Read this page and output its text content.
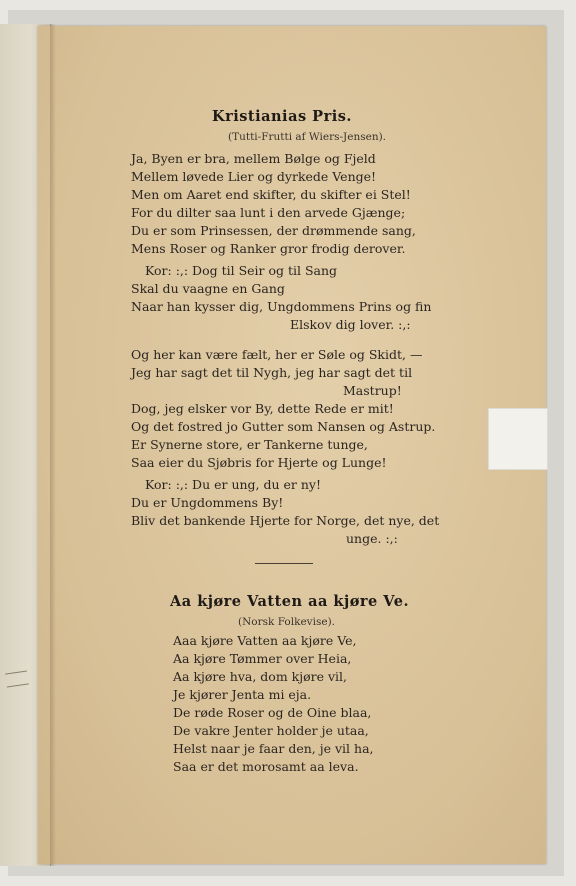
Kristianias Pris.
(Tutti-Frutti af Wiers-Jensen).
Ja, Byen er bra, mellem Bølge og Fjeld
Mellem løvede Lier og dyrkede Venge!
Men om Aaret end skifter, du skifter ei Stel!
For du dilter saa lunt i den arvede Gjænge;
Du er som Prinsessen, der drømmende sang,
Mens Roser og Ranker gror frodig derover.
Kor: :,: Dog til Seir og til Sang
Skal du vaagne en Gang
Naar han kysser dig, Ungdommens Prins og fin
Elskov dig lover. :,:
Og her kan være fælt, her er Søle og Skidt, —
Jeg har sagt det til Nygh, jeg har sagt det til
Mastrup!
Dog, jeg elsker vor By, dette Rede er mit!
Og det fostred jo Gutter som Nansen og Astrup.
Er Synerne store, er Tankerne tunge,
Saa eier du Sjøbris for Hjerte og Lunge!
Kor: :,: Du er ung, du er ny!
Du er Ungdommens By!
Bliv det bankende Hjerte for Norge, det nye, det
unge. :,:
Aa kjøre Vatten aa kjøre Ve.
(Norsk Folkevise).
Aaa kjøre Vatten aa kjøre Ve,
Aa kjøre Tømmer over Heia,
Aa kjøre hva, dom kjøre vil,
Je kjører Jenta mi eja.
De røde Roser og de Oine blaa,
De vakre Jenter holder je utaa,
Helst naar je faar den, je vil ha,
Saa er det morosamt aa leva.
